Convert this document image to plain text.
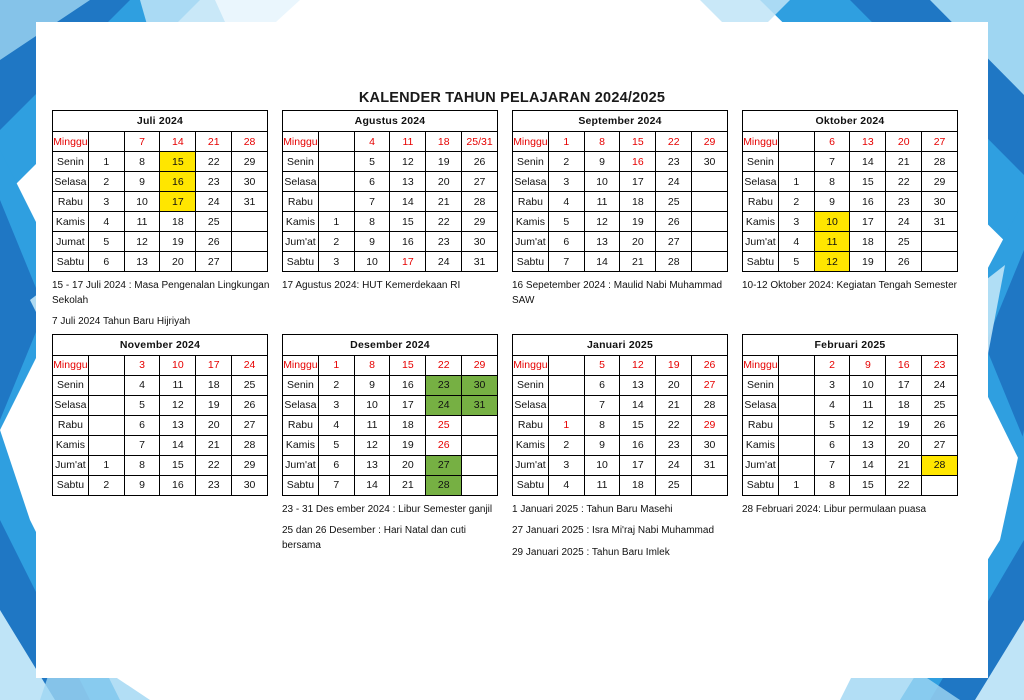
KALENDER TAHUN PELAJARAN 2024/2025
Juli 2024					
Minggu		7	14	21	28
Senin	1	8	15	22	29
Selasa	2	9	16	23	30
Rabu	3	10	17	24	31
Kamis	4	11	18	25	
Jumat	5	12	19	26	
Sabtu	6	13	20	27	
15 - 17 Juli 2024 : Masa Pengenalan Lingkungan Sekolah
7 Juli 2024 Tahun Baru Hijriyah
Agustus 2024					
Minggu		4	11	18	25/31
Senin		5	12	19	26
Selasa		6	13	20	27
Rabu		7	14	21	28
Kamis	1	8	15	22	29
Jum'at	2	9	16	23	30
Sabtu	3	10	17	24	31
17 Agustus 2024: HUT Kemerdekaan RI
September 2024					
Minggu	1	8	15	22	29
Senin	2	9	16	23	30
Selasa	3	10	17	24	
Rabu	4	11	18	25	
Kamis	5	12	19	26	
Jum'at	6	13	20	27	
Sabtu	7	14	21	28	
16 Sepetember 2024 : Maulid Nabi Muhammad SAW
Oktober 2024					
Minggu		6	13	20	27
Senin		7	14	21	28
Selasa	1	8	15	22	29
Rabu	2	9	16	23	30
Kamis	3	10	17	24	31
Jum'at	4	11	18	25	
Sabtu	5	12	19	26	
10-12 Oktober 2024: Kegiatan Tengah Semester
November 2024					
Minggu		3	10	17	24
Senin		4	11	18	25
Selasa		5	12	19	26
Rabu		6	13	20	27
Kamis		7	14	21	28
Jum'at	1	8	15	22	29
Sabtu	2	9	16	23	30
Desember 2024					
Minggu	1	8	15	22	29
Senin	2	9	16	23	30
Selasa	3	10	17	24	31
Rabu	4	11	18	25	
Kamis	5	12	19	26	
Jum'at	6	13	20	27	
Sabtu	7	14	21	28	
23 - 31 Des ember 2024 : Libur Semester ganjil
25 dan 26 Desember : Hari Natal dan cuti bersama
Januari 2025					
Minggu		5	12	19	26
Senin		6	13	20	27
Selasa		7	14	21	28
Rabu	1	8	15	22	29
Kamis	2	9	16	23	30
Jum'at	3	10	17	24	31
Sabtu	4	11	18	25	
1 Januari 2025 : Tahun Baru Masehi
27 Januari 2025 : Isra Mi'raj Nabi Muhammad
29 Januari 2025 : Tahun Baru Imlek
Februari 2025					
Minggu		2	9	16	23
Senin		3	10	17	24
Selasa		4	11	18	25
Rabu		5	12	19	26
Kamis		6	13	20	27
Jum'at		7	14	21	28
Sabtu	1	8	15	22	
28 Februari 2024: Libur permulaan puasa
